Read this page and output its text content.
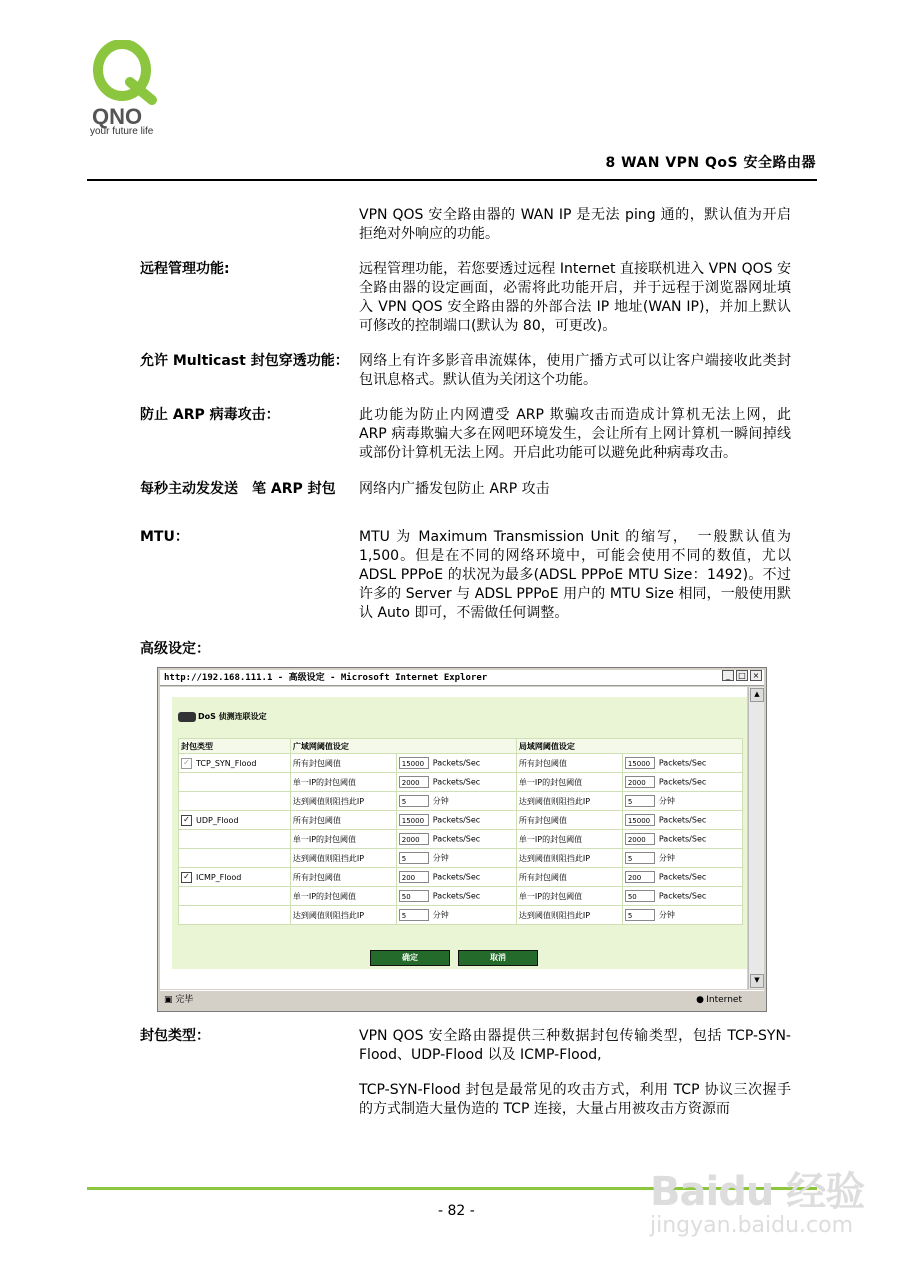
QNO
your future life
8 WAN VPN QoS 安全路由器
VPN QOS 安全路由器的 WAN IP 是无法 ping 通的，默认值为开启拒绝对外响应的功能。
远程管理功能:	远程管理功能，若您要透过远程 Internet 直接联机进入 VPN QOS 安全路由器的设定画面，必需将此功能开启，并于远程于浏览器网址填入 VPN QOS 安全路由器的外部合法 IP 地址(WAN IP)，并加上默认可修改的控制端口(默认为 80，可更改)。
允许 Multicast 封包穿透功能： 网络上有许多影音串流媒体，使用广播方式可以让客户端接收此类封包讯息格式。默认值为关闭这个功能。
防止 ARP 病毒攻击：	此功能为防止内网遭受 ARP 欺骗攻击而造成计算机无法上网，此 ARP 病毒欺骗大多在网吧环境发生，会让所有上网计算机一瞬间掉线或部份计算机无法上网。开启此功能可以避免此种病毒攻击。
每秒主动发发送　笔 ARP 封包	网络内广播发包防止 ARP 攻击
MTU：	MTU 为 Maximum Transmission Unit 的缩写，　一般默认值为 1,500。但是在不同的网络环境中，可能会使用不同的数值，尤以 ADSL PPPoE 的状况为最多(ADSL PPPoE MTU Size：1492)。不过许多的 Server 与 ADSL PPPoE 用户的 MTU Size 相同，一般使用默认 Auto 即可，不需做任何调整。
高级设定：
http://192.168.111.1 - 高级设定 - Microsoft Internet Explorer	_	□ ×
DoS 侦测连联设定
封包类型	广域网阈值设定		局域网阈值设定	
✓ TCP_SYN_Flood	所有封包阈值	15000 Packets/Sec	所有封包阈值	15000 Packets/Sec
	单一IP的封包阈值	2000 Packets/Sec	单一IP的封包阈值	2000 Packets/Sec
	达到阈值则阻挡此IP	5 分钟	达到阈值则阻挡此IP	5 分钟
✓ UDP_Flood	所有封包阈值	15000 Packets/Sec	所有封包阈值	15000 Packets/Sec
	单一IP的封包阈值	2000 Packets/Sec	单一IP的封包阈值	2000 Packets/Sec
	达到阈值则阻挡此IP	5 分钟	达到阈值则阻挡此IP	5 分钟
✓ ICMP_Flood	所有封包阈值	200 Packets/Sec	所有封包阈值	200 Packets/Sec
	单一IP的封包阈值	50 Packets/Sec	单一IP的封包阈值	50 Packets/Sec
	达到阈值则阻挡此IP	5 分钟	达到阈值则阻挡此IP	5 分钟
确定	取消
▲
▼
▣ 完毕	● Internet
封包类型：	VPN QOS 安全路由器提供三种数据封包传输类型，包括 TCP-SYN-Flood、UDP-Flood 以及 ICMP-Flood,
TCP-SYN-Flood 封包是最常见的攻击方式，利用 TCP 协议三次握手的方式制造大量伪造的 TCP 连接，大量占用被攻击方资源而
- 82 -	Baidu 经验
jingyan.baidu.com
